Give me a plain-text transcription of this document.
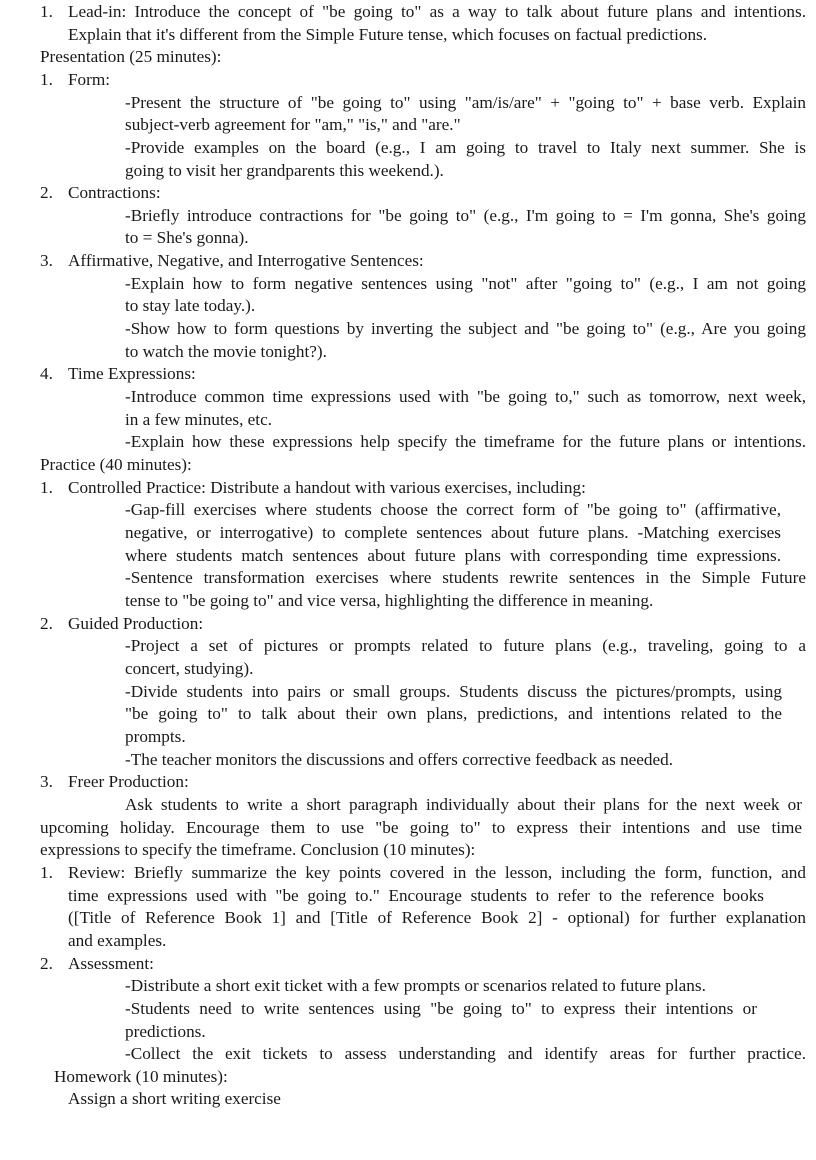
1. Lead-in: Introduce the concept of "be going to" as a way to talk about future plans and intentions.
Explain that it's different from the Simple Future tense, which focuses on factual predictions.
Presentation (25 minutes):
1. Form:
-Present the structure of "be going to" using "am/is/are" + "going to" + base verb. Explain
subject-verb agreement for "am," "is," and "are."
-Provide examples on the board (e.g., I am going to travel to Italy next summer. She is
going to visit her grandparents this weekend.).
2. Contractions:
-Briefly introduce contractions for "be going to" (e.g., I'm going to = I'm gonna, She's going
to = She's gonna).
3. Affirmative, Negative, and Interrogative Sentences:
-Explain how to form negative sentences using "not" after "going to" (e.g., I am not going
to stay late today.).
-Show how to form questions by inverting the subject and "be going to" (e.g., Are you going
to watch the movie tonight?).
4. Time Expressions:
-Introduce common time expressions used with "be going to," such as tomorrow, next week,
in a few minutes, etc.
-Explain how these expressions help specify the timeframe for the future plans or intentions.
Practice (40 minutes):
1. Controlled Practice: Distribute a handout with various exercises, including:
-Gap-fill exercises where students choose the correct form of "be going to" (affirmative,
negative, or interrogative) to complete sentences about future plans. -Matching exercises
where students match sentences about future plans with corresponding time expressions.
-Sentence transformation exercises where students rewrite sentences in the Simple Future
tense to "be going to" and vice versa, highlighting the difference in meaning.
2. Guided Production:
-Project a set of pictures or prompts related to future plans (e.g., traveling, going to a
concert, studying).
-Divide students into pairs or small groups. Students discuss the pictures/prompts, using
"be going to" to talk about their own plans, predictions, and intentions related to the
prompts.
-The teacher monitors the discussions and offers corrective feedback as needed.
3. Freer Production:
Ask students to write a short paragraph individually about their plans for the next week or
upcoming holiday. Encourage them to use "be going to" to express their intentions and use time
expressions to specify the timeframe. Conclusion (10 minutes):
1. Review: Briefly summarize the key points covered in the lesson, including the form, function, and
time expressions used with "be going to." Encourage students to refer to the reference books
([Title of Reference Book 1] and [Title of Reference Book 2] - optional) for further explanation
and examples.
2. Assessment:
-Distribute a short exit ticket with a few prompts or scenarios related to future plans.
-Students need to write sentences using "be going to" to express their intentions or
predictions.
-Collect the exit tickets to assess understanding and identify areas for further practice.
Homework (10 minutes):
Assign a short writing exercise
